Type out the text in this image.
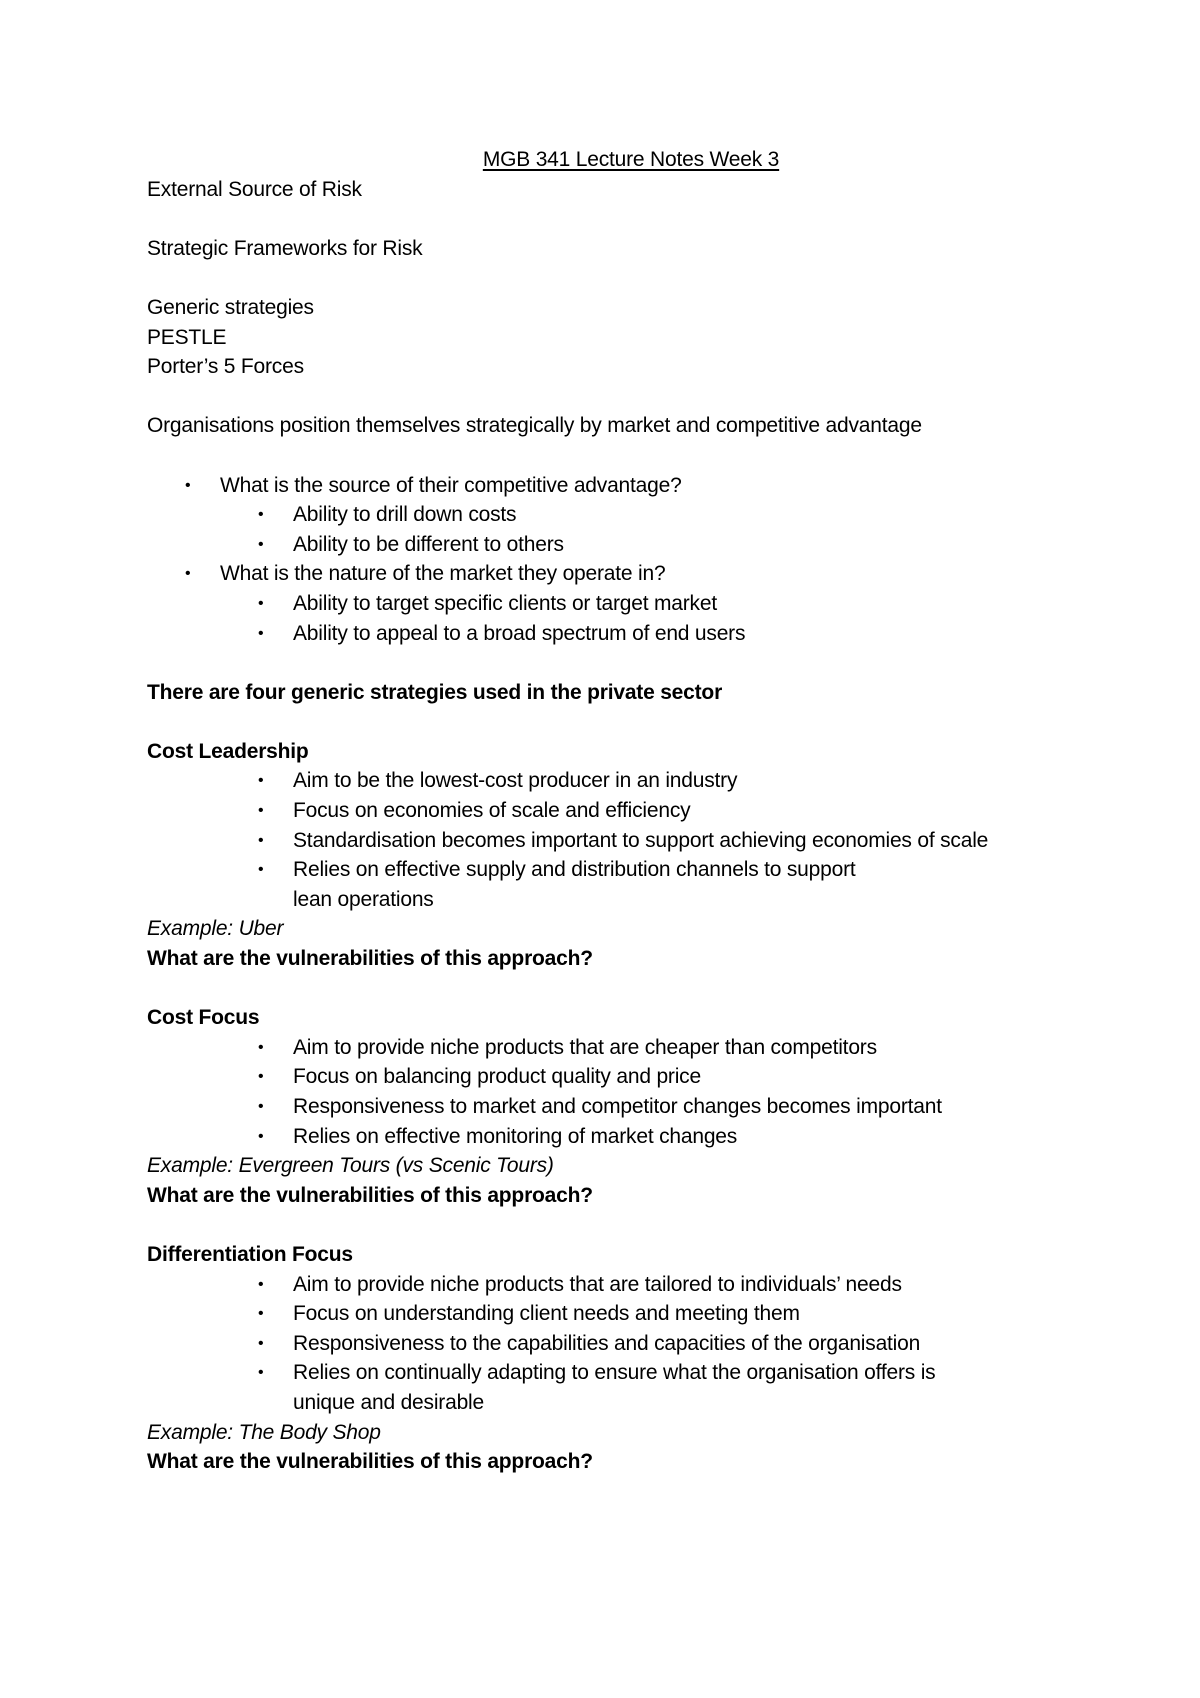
MGB 341 Lecture Notes Week 3

External Source of Risk

Strategic Frameworks for Risk

Generic strategies

PESTLE

Porter’s 5 Forces

Organisations position themselves strategically by market and competitive advantage

• What is the source of their competitive advantage?
• Ability to drill down costs
• Ability to be different to others
• What is the nature of the market they operate in?
• Ability to target specific clients or target market
• Ability to appeal to a broad spectrum of end users

There are four generic strategies used in the private sector

Cost Leadership

• Aim to be the lowest-cost producer in an industry
• Focus on economies of scale and efficiency
• Standardisation becomes important to support achieving economies of scale
• Relies on effective supply and distribution channels to support lean operations

Example: Uber

What are the vulnerabilities of this approach?

Cost Focus

• Aim to provide niche products that are cheaper than competitors
• Focus on balancing product quality and price
• Responsiveness to market and competitor changes becomes important
• Relies on effective monitoring of market changes

Example: Evergreen Tours (vs Scenic Tours)

What are the vulnerabilities of this approach?

Differentiation Focus

• Aim to provide niche products that are tailored to individuals’ needs
• Focus on understanding client needs and meeting them
• Responsiveness to the capabilities and capacities of the organisation
• Relies on continually adapting to ensure what the organisation offers is unique and desirable

Example: The Body Shop

What are the vulnerabilities of this approach?
